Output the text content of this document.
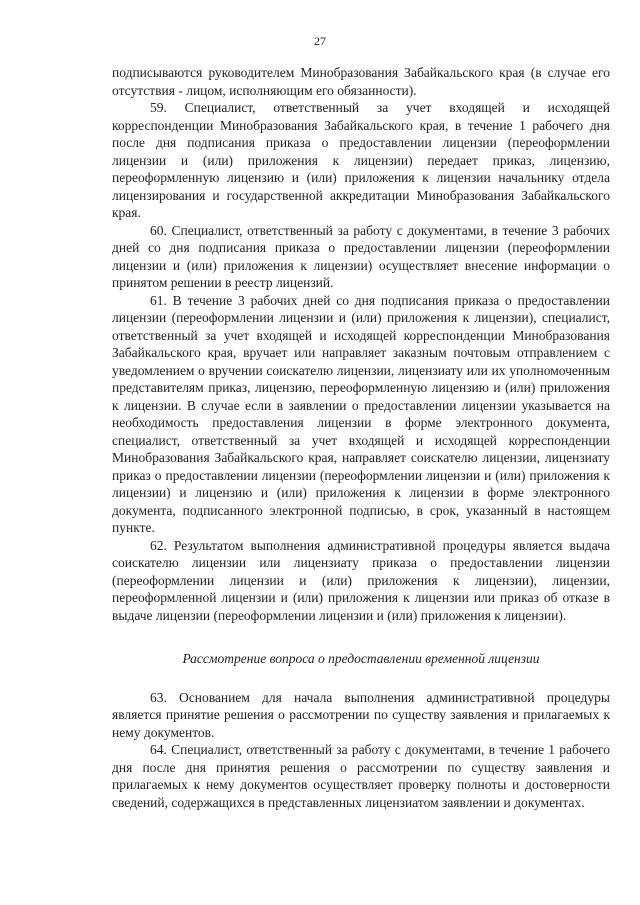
27

подписываются руководителем Минобразования Забайкальского края (в случае его отсутствия - лицом, исполняющим его обязанности).

59. Специалист, ответственный за учет входящей и исходящей корреспонденции Минобразования Забайкальского края, в течение 1 рабочего дня после дня подписания приказа о предоставлении лицензии (переоформлении лицензии и (или) приложения к лицензии) передает приказ, лицензию, переоформленную лицензию и (или) приложения к лицензии начальнику отдела лицензирования и государственной аккредитации Минобразования Забайкальского края.

60. Специалист, ответственный за работу с документами, в течение 3 рабочих дней со дня подписания приказа о предоставлении лицензии (переоформлении лицензии и (или) приложения к лицензии) осуществляет внесение информации о принятом решении в реестр лицензий.

61. В течение 3 рабочих дней со дня подписания приказа о предоставлении лицензии (переоформлении лицензии и (или) приложения к лицензии), специалист, ответственный за учет входящей и исходящей корреспонденции Минобразования Забайкальского края, вручает или направляет заказным почтовым отправлением с уведомлением о вручении соискателю лицензии, лицензиату или их уполномоченным представителям приказ, лицензию, переоформленную лицензию и (или) приложения к лицензии. В случае если в заявлении о предоставлении лицензии указывается на необходимость предоставления лицензии в форме электронного документа, специалист, ответственный за учет входящей и исходящей корреспонденции Минобразования Забайкальского края, направляет соискателю лицензии, лицензиату приказ о предоставлении лицензии (переоформлении лицензии и (или) приложения к лицензии) и лицензию и (или) приложения к лицензии в форме электронного документа, подписанного электронной подписью, в срок, указанный в настоящем пункте.

62. Результатом выполнения административной процедуры является выдача соискателю лицензии или лицензиату приказа о предоставлении лицензии (переоформлении лицензии и (или) приложения к лицензии), лицензии, переоформленной лицензии и (или) приложения к лицензии или приказ об отказе в выдаче лицензии (переоформлении лицензии и (или) приложения к лицензии).

Рассмотрение вопроса о предоставлении временной лицензии

63. Основанием для начала выполнения административной процедуры является принятие решения о рассмотрении по существу заявления и прилагаемых к нему документов.

64. Специалист, ответственный за работу с документами, в течение 1 рабочего дня после дня принятия решения о рассмотрении по существу заявления и прилагаемых к нему документов осуществляет проверку полноты и достоверности сведений, содержащихся в представленных лицензиатом заявлении и документах.
